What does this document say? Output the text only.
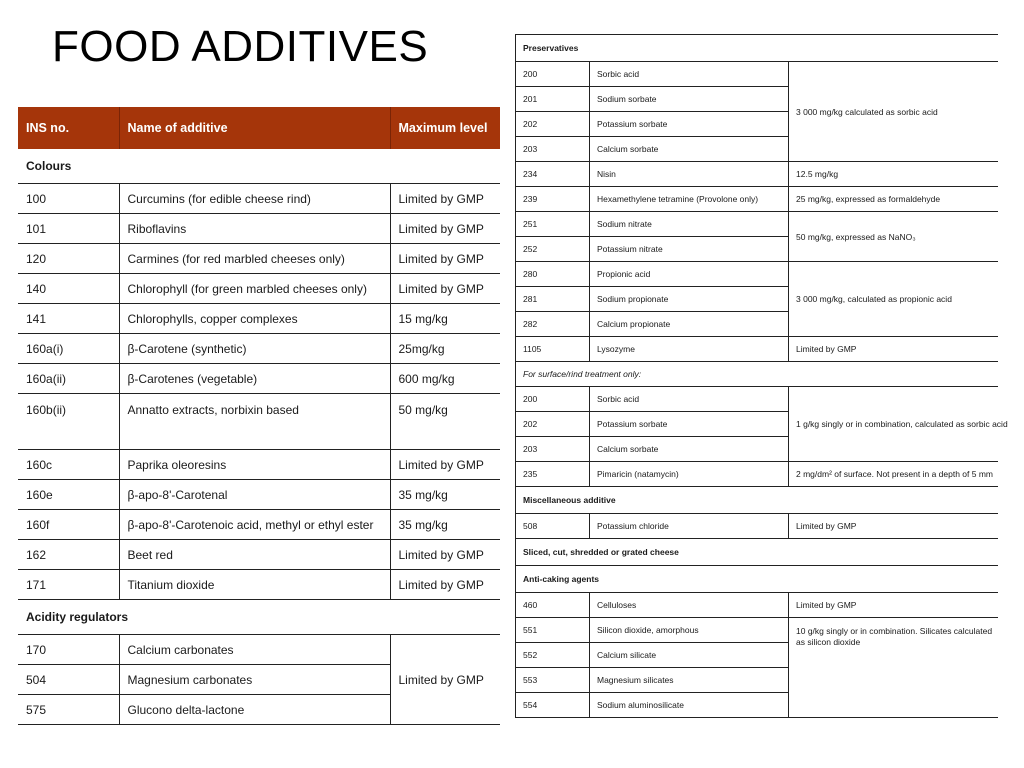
FOOD ADDITIVES
INS no.	Name of additive	Maximum level
Colours		
100	Curcumins (for edible cheese rind)	Limited by GMP
101	Riboflavins	Limited by GMP
120	Carmines (for red marbled cheeses only)	Limited by GMP
140	Chlorophyll (for green marbled cheeses only)	Limited by GMP
141	Chlorophylls, copper complexes	15 mg/kg
160a(i)	β-Carotene (synthetic)	25mg/kg
160a(ii)	β-Carotenes (vegetable)	600 mg/kg
160b(ii)	Annatto extracts, norbixin based	50 mg/kg
160c	Paprika oleoresins	Limited by GMP
160e	β-apo-8'-Carotenal	35 mg/kg
160f	β-apo-8'-Carotenoic acid, methyl or ethyl ester	35 mg/kg
162	Beet red	Limited by GMP
171	Titanium dioxide	Limited by GMP
Acidity regulators		
170	Calcium carbonates	Limited by GMP
504	Magnesium carbonates	
575	Glucono delta-lactone	
Preservatives		
200	Sorbic acid	3 000 mg/kg calculated as sorbic acid
201	Sodium sorbate	
202	Potassium sorbate	
203	Calcium sorbate	
234	Nisin	12.5 mg/kg
239	Hexamethylene tetramine (Provolone only)	25 mg/kg, expressed as formaldehyde
251	Sodium nitrate	50 mg/kg, expressed as NaNO₃
252	Potassium nitrate	
280	Propionic acid	3 000 mg/kg, calculated as propionic acid
281	Sodium propionate	
282	Calcium propionate	
1105	Lysozyme	Limited by GMP
For surface/rind treatment only:		
200	Sorbic acid	1 g/kg singly or in combination, calculated as sorbic acid
202	Potassium sorbate	
203	Calcium sorbate	
235	Pimaricin (natamycin)	2 mg/dm² of surface. Not present in a depth of 5 mm
Miscellaneous additive		
508	Potassium chloride	Limited by GMP
Sliced, cut, shredded or grated cheese		
Anti-caking agents		
460	Celluloses	Limited by GMP
551	Silicon dioxide, amorphous	10 g/kg singly or in combination. Silicates calculated as silicon dioxide
552	Calcium silicate	
553	Magnesium silicates	
554	Sodium aluminosilicate	
